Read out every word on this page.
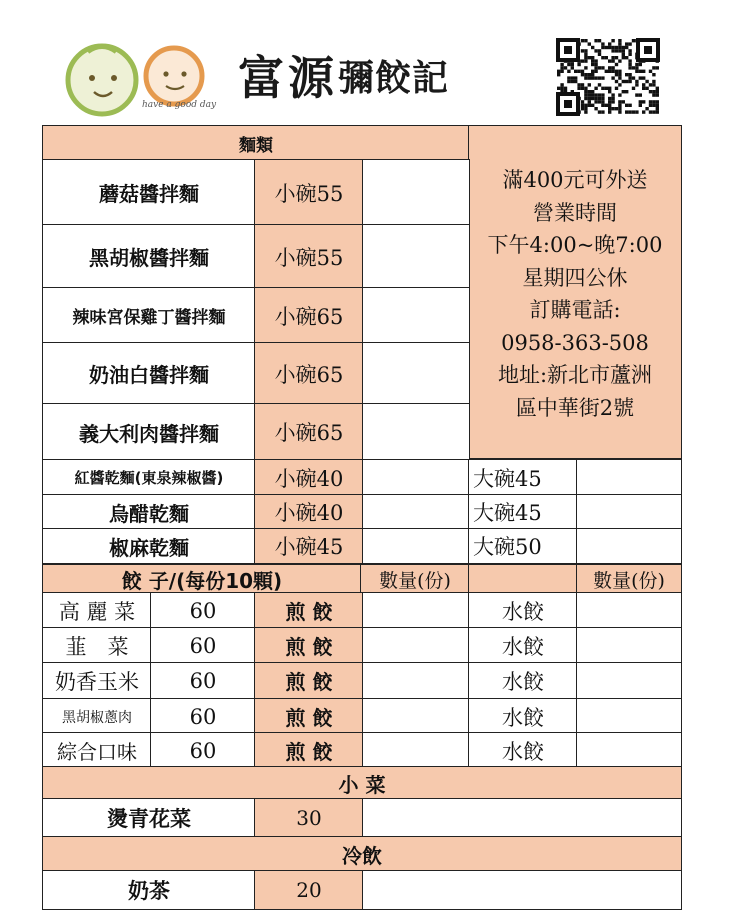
have a good day 富源 彌餃記
麵類
滿400元可外送
營業時間
下午4:00~晚7:00
星期四公休
訂購電話:
0958-363-508
地址:新北市蘆洲
區中華街2號
蘑菇醬拌麵	小碗55
黑胡椒醬拌麵	小碗55
辣味宮保雞丁醬拌麵	小碗65
奶油白醬拌麵	小碗65
義大利肉醬拌麵	小碗65
紅醬乾麵(東泉辣椒醬)	小碗40	大碗45
烏醋乾麵	小碗40	大碗45
椒麻乾麵	小碗45	大碗50
餃 子/(每份10顆)	數量(份)	數量(份)
高 麗 菜	60	煎 餃	水餃
韮　菜	60	煎 餃	水餃
奶香玉米	60	煎 餃	水餃
黑胡椒蔥肉	60	煎 餃	水餃
綜合口味	60	煎 餃	水餃
小 菜
燙青花菜	30
冷飲
奶茶	20
